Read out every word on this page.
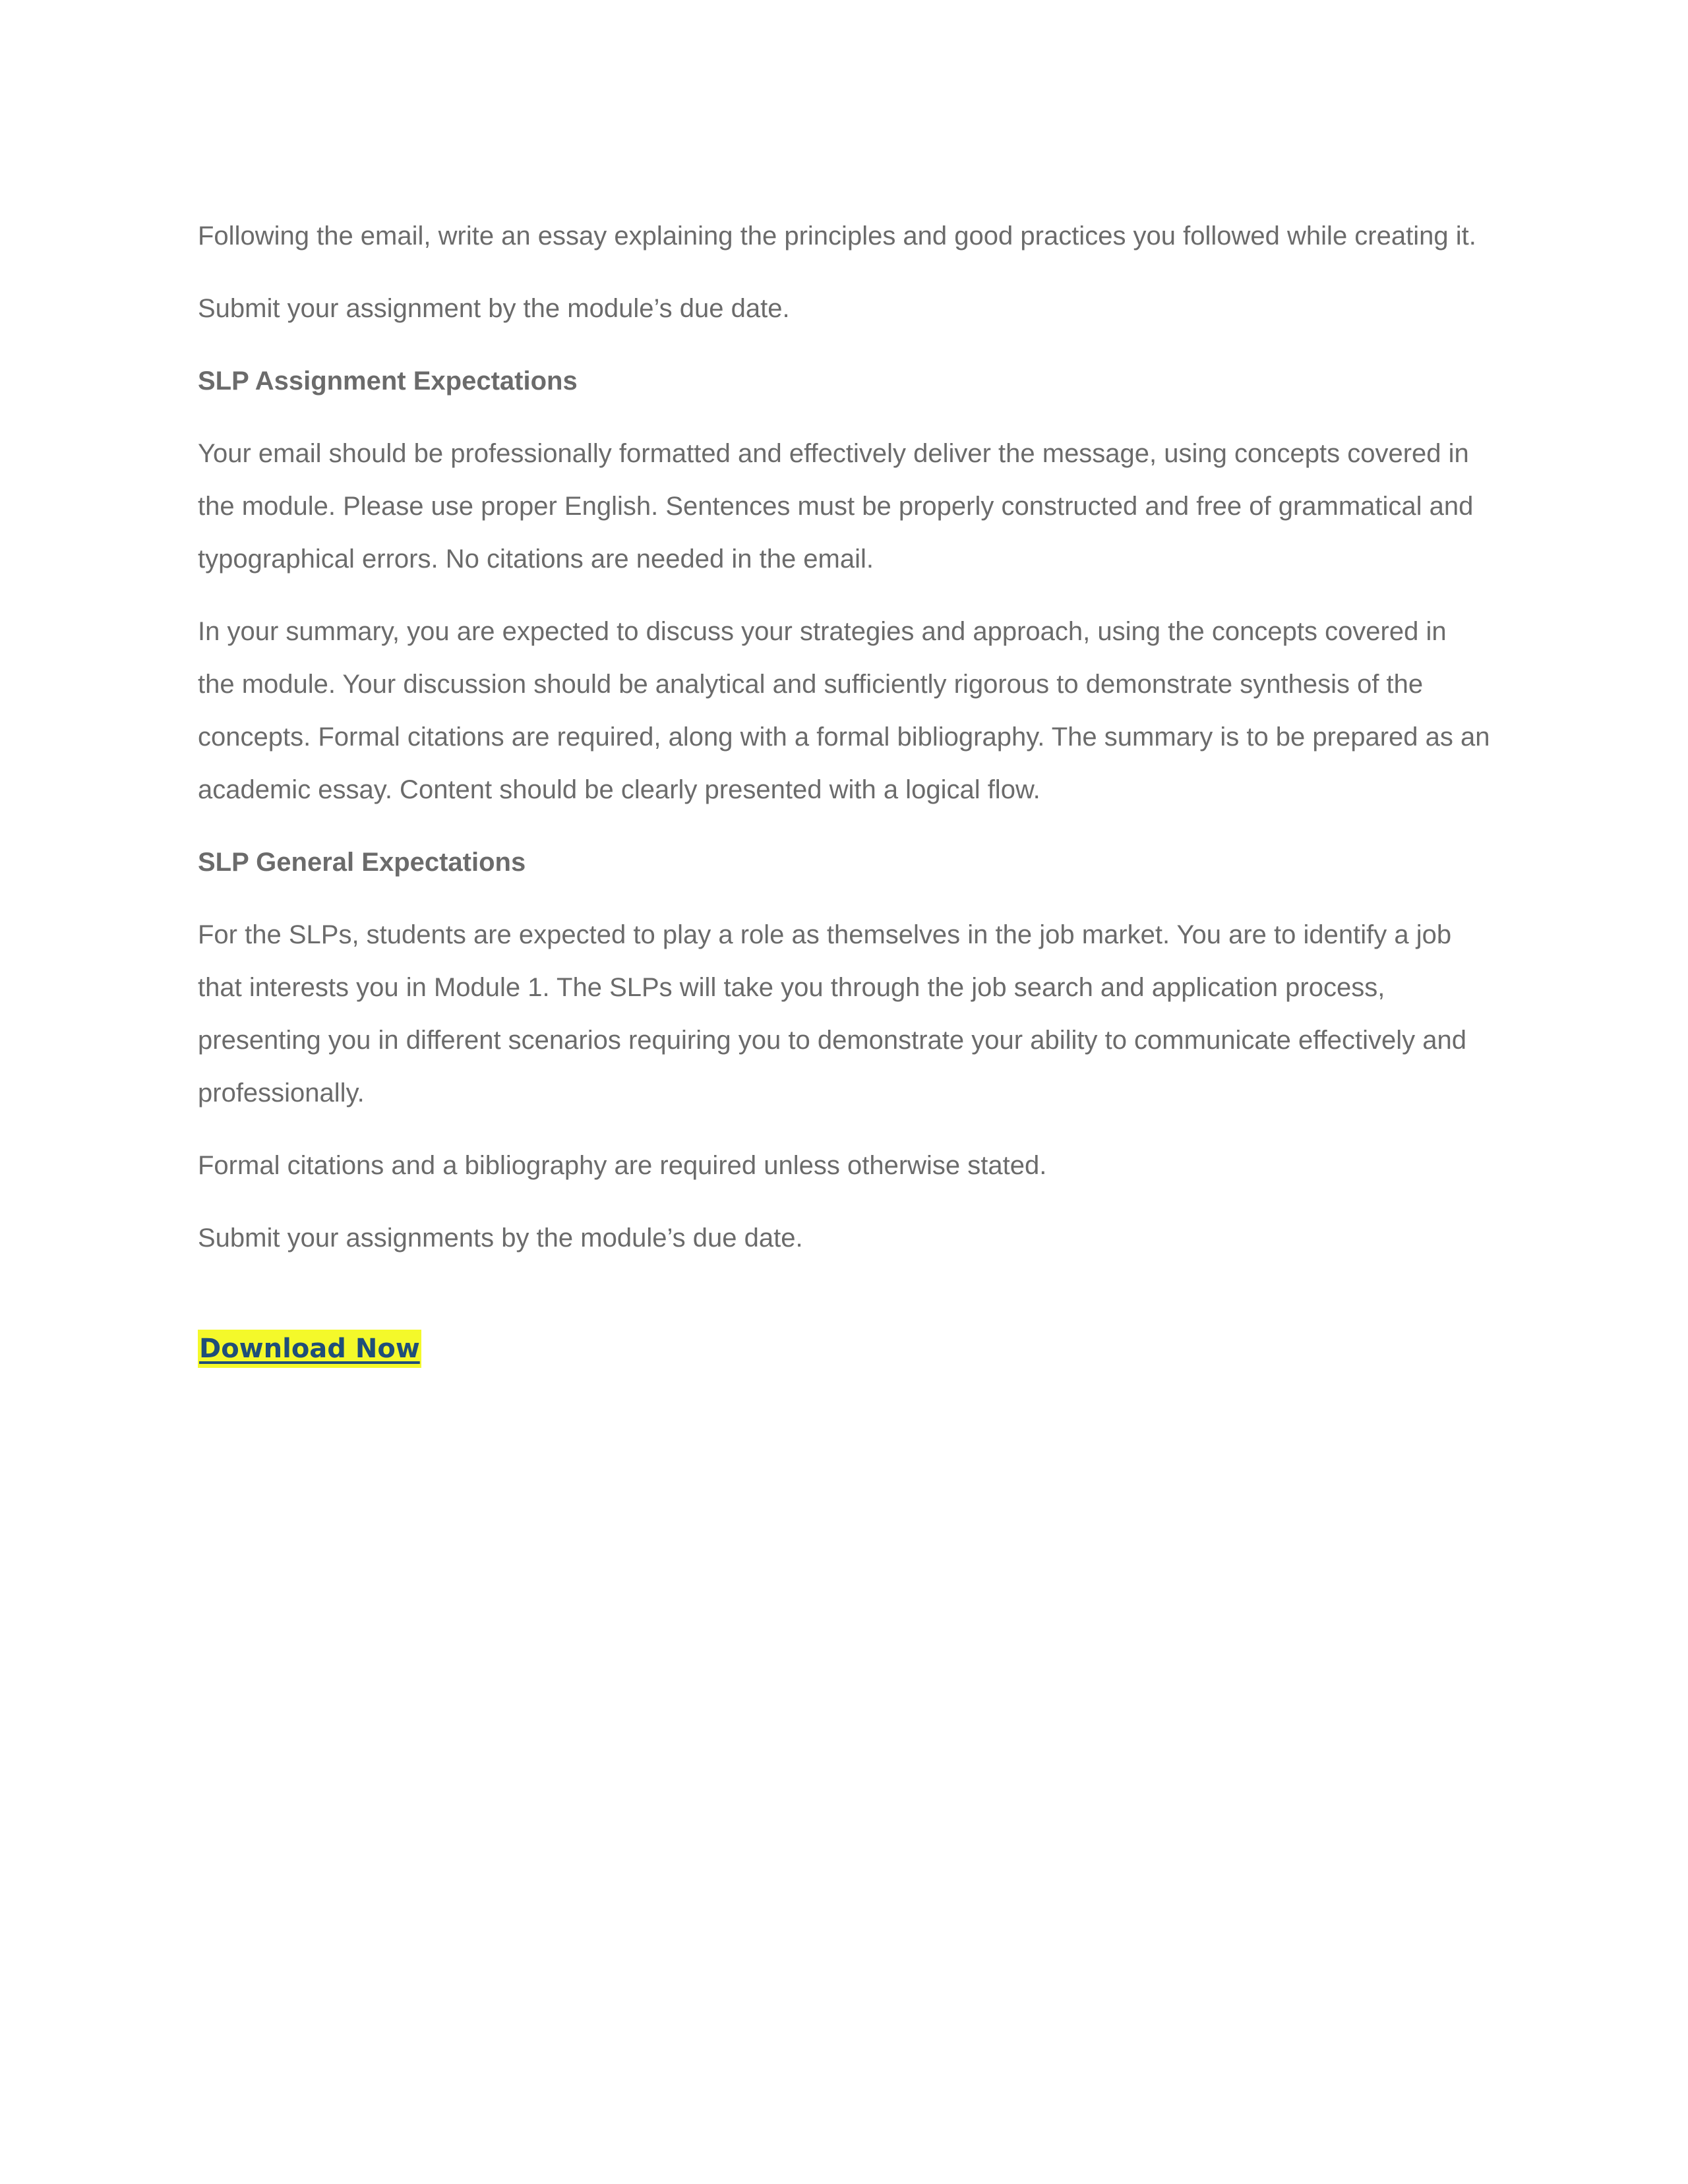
Following the email, write an essay explaining the principles and good practices you followed while creating it.

Submit your assignment by the module’s due date.

SLP Assignment Expectations

Your email should be professionally formatted and effectively deliver the message, using concepts covered in the module. Please use proper English. Sentences must be properly constructed and free of grammatical and typographical errors. No citations are needed in the email.

In your summary, you are expected to discuss your strategies and approach, using the concepts covered in the module. Your discussion should be analytical and sufficiently rigorous to demonstrate synthesis of the concepts. Formal citations are required, along with a formal bibliography. The summary is to be prepared as an academic essay. Content should be clearly presented with a logical flow.

SLP General Expectations

For the SLPs, students are expected to play a role as themselves in the job market. You are to identify a job that interests you in Module 1. The SLPs will take you through the job search and application process, presenting you in different scenarios requiring you to demonstrate your ability to communicate effectively and professionally.

Formal citations and a bibliography are required unless otherwise stated.

Submit your assignments by the module’s due date.

Download Now
